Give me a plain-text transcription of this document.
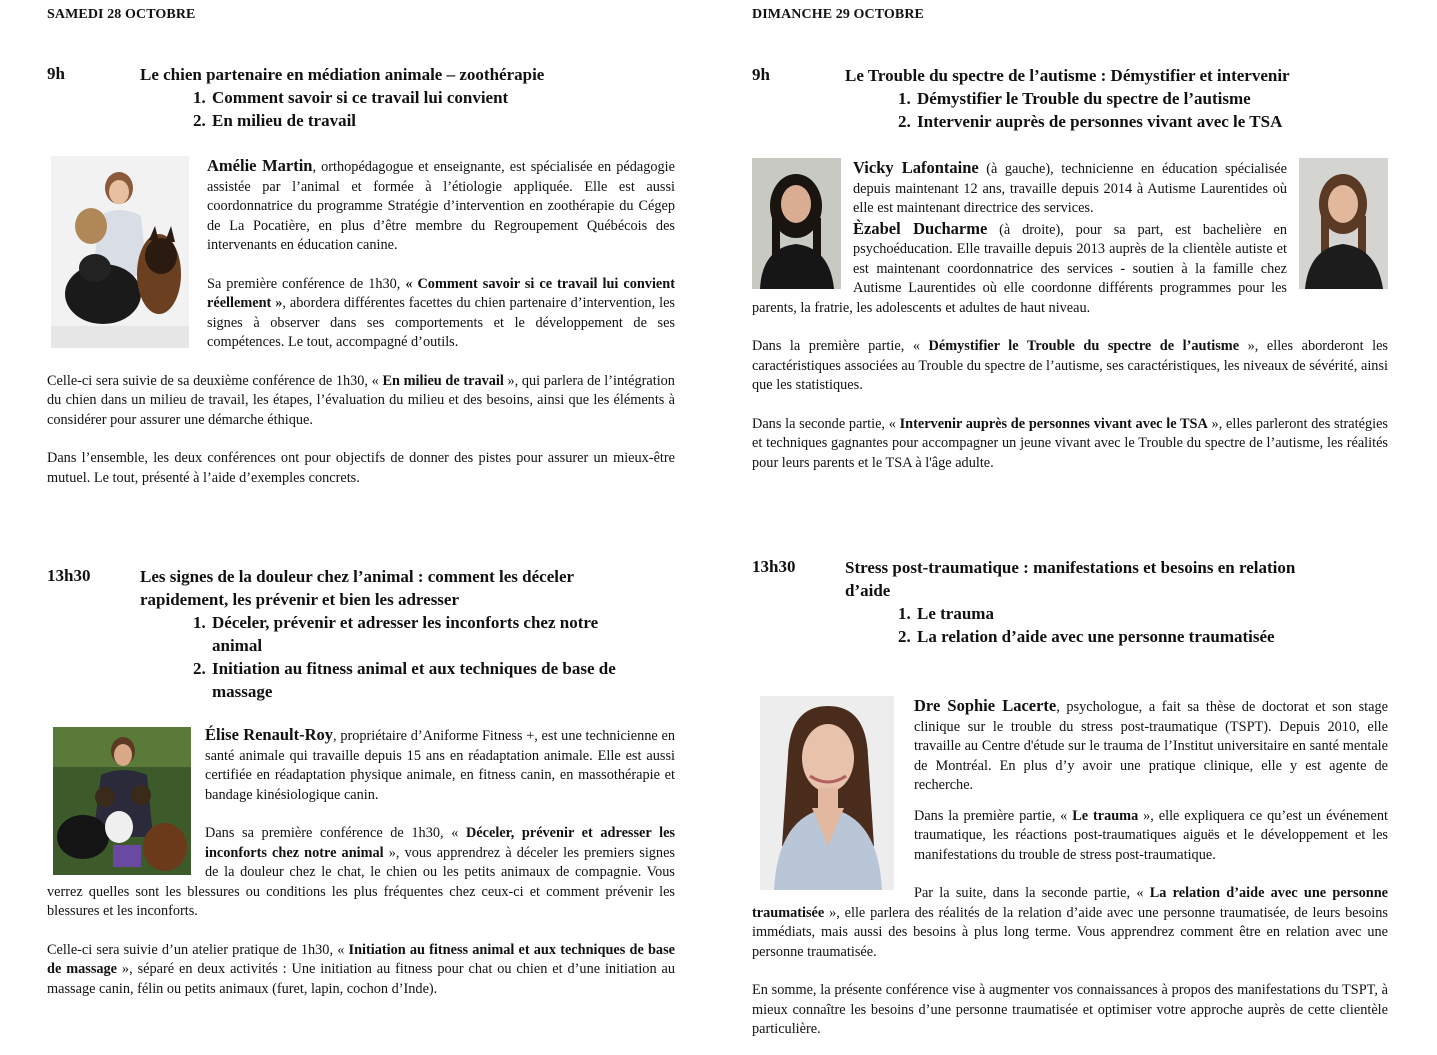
SAMEDI 28 OCTOBRE
9h	Le chien partenaire en médiation animale – zoothérapie
1. Comment savoir si ce travail lui convient
2. En milieu de travail

Amélie Martin, orthopédagogue et enseignante, est spécialisée en pédagogie assistée par l’animal et formée à l’étiologie appliquée. Elle est aussi coordonnatrice du programme Stratégie d’intervention en zoothérapie du Cégep de La Pocatière, en plus d’être membre du Regroupement Québécois des intervenants en éducation canine.

Sa première conférence de 1h30, « Comment savoir si ce travail lui convient réellement », abordera différentes facettes du chien partenaire d’intervention, les signes à observer dans ses comportements et le développement de ses compétences. Le tout, accompagné d’outils.

Celle-ci sera suivie de sa deuxième conférence de 1h30, « En milieu de travail », qui parlera de l’intégration du chien dans un milieu de travail, les étapes, l’évaluation du milieu et des besoins, ainsi que les éléments à considérer pour assurer une démarche éthique.

Dans l’ensemble, les deux conférences ont pour objectifs de donner des pistes pour assurer un mieux-être mutuel. Le tout, présenté à l’aide d’exemples concrets.

13h30	Les signes de la douleur chez l’animal : comment les déceler
rapidement, les prévenir et bien les adresser
1. Déceler, prévenir et adresser les inconforts chez notre animal
2. Initiation au fitness animal et aux techniques de base de massage

Élise Renault-Roy, propriétaire d’Aniforme Fitness +, est une technicienne en santé animale qui travaille depuis 15 ans en réadaptation animale. Elle est aussi certifiée en réadaptation physique animale, en fitness canin, en massothérapie et bandage kinésiologique canin.

Dans sa première conférence de 1h30, « Déceler, prévenir et adresser les inconforts chez notre animal », vous apprendrez à déceler les premiers signes de la douleur chez le chat, le chien ou les petits animaux de compagnie. Vous verrez quelles sont les blessures ou conditions les plus fréquentes chez ceux-ci et comment prévenir les blessures et les inconforts.

Celle-ci sera suivie d’un atelier pratique de 1h30, « Initiation au fitness animal et aux techniques de base de massage », séparé en deux activités : Une initiation au fitness pour chat ou chien et d’une initiation au massage canin, félin ou petits animaux (furet, lapin, cochon d’Inde).

DIMANCHE 29 OCTOBRE
9h	Le Trouble du spectre de l’autisme : Démystifier et intervenir
1. Démystifier le Trouble du spectre de l’autisme
2. Intervenir auprès de personnes vivant avec le TSA

Vicky Lafontaine (à gauche), technicienne en éducation spécialisée depuis maintenant 12 ans, travaille depuis 2014 à Autisme Laurentides où elle est maintenant directrice des services.
Èzabel Ducharme (à droite), pour sa part, est bachelière en psychoéducation. Elle travaille depuis 2013 auprès de la clientèle autiste et est maintenant coordonnatrice des services - soutien à la famille chez Autisme Laurentides où elle coordonne différents programmes pour les parents, la fratrie, les adolescents et adultes de haut niveau.

Dans la première partie, « Démystifier le Trouble du spectre de l’autisme », elles aborderont les caractéristiques associées au Trouble du spectre de l’autisme, ses caractéristiques, les niveaux de sévérité, ainsi que les statistiques.

Dans la seconde partie, « Intervenir auprès de personnes vivant avec le TSA », elles parleront des stratégies et techniques gagnantes pour accompagner un jeune vivant avec le Trouble du spectre de l’autisme, les réalités pour leurs parents et le TSA à l'âge adulte.

13h30	Stress post-traumatique : manifestations et besoins en relation
d’aide
1. Le trauma
2. La relation d’aide avec une personne traumatisée

Dre Sophie Lacerte, psychologue, a fait sa thèse de doctorat et son stage clinique sur le trouble du stress post-traumatique (TSPT). Depuis 2010, elle travaille au Centre d'étude sur le trauma de l’Institut universitaire en santé mentale de Montréal. En plus d’y avoir une pratique clinique, elle y est agente de recherche.

Dans la première partie, « Le trauma », elle expliquera ce qu’est un événement traumatique, les réactions post-traumatiques aiguës et le développement et les manifestations du trouble de stress post-traumatique.

Par la suite, dans la seconde partie, « La relation d’aide avec une personne traumatisée », elle parlera des réalités de la relation d’aide avec une personne traumatisée, de leurs besoins immédiats, mais aussi des besoins à plus long terme. Vous apprendrez comment être en relation avec une personne traumatisée.

En somme, la présente conférence vise à augmenter vos connaissances à propos des manifestations du TSPT, à mieux connaître les besoins d’une personne traumatisée et optimiser votre approche auprès de cette clientèle particulière.
